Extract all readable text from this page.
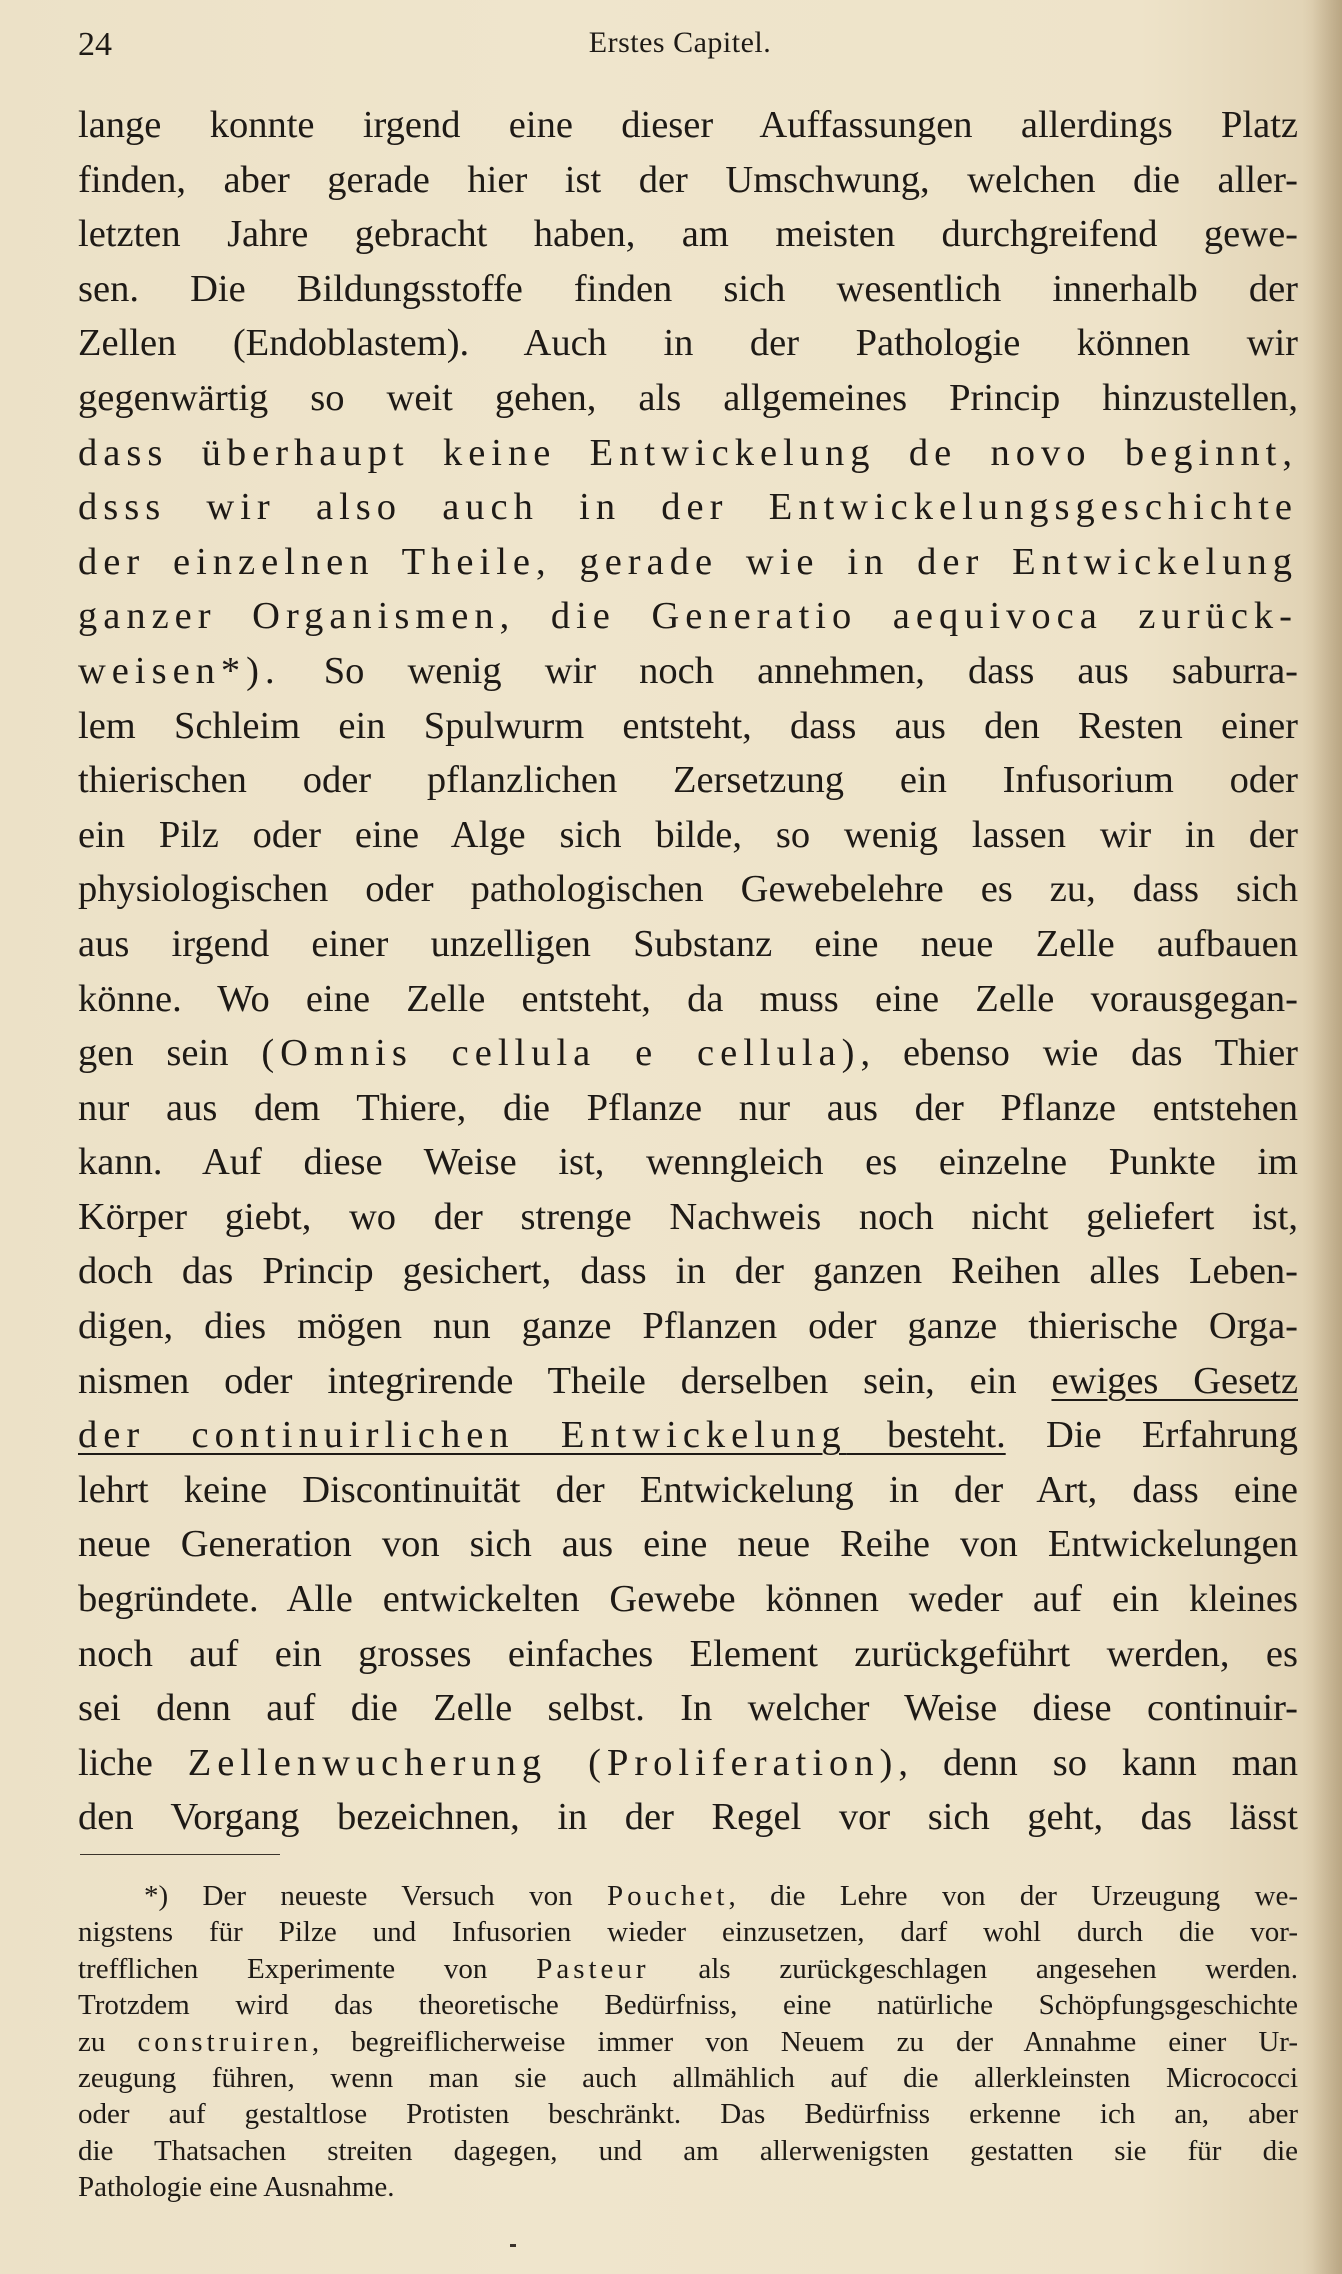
24	Erstes Capitel.
lange konnte irgend eine dieser Auffassungen allerdings Platz
finden, aber gerade hier ist der Umschwung, welchen die aller-
letzten Jahre gebracht haben, am meisten durchgreifend gewe-
sen. Die Bildungsstoffe finden sich wesentlich innerhalb der
Zellen (Endoblastem). Auch in der Pathologie können wir
gegenwärtig so weit gehen, als allgemeines Princip hinzustellen,
dass überhaupt keine Entwickelung de novo beginnt,
dsss wir also auch in der Entwickelungsgeschichte
der einzelnen Theile, gerade wie in der Entwickelung
ganzer Organismen, die Generatio aequivoca zurück-
weisen*). So wenig wir noch annehmen, dass aus saburra-
lem Schleim ein Spulwurm entsteht, dass aus den Resten einer
thierischen oder pflanzlichen Zersetzung ein Infusorium oder
ein Pilz oder eine Alge sich bilde, so wenig lassen wir in der
physiologischen oder pathologischen Gewebelehre es zu, dass sich
aus irgend einer unzelligen Substanz eine neue Zelle aufbauen
könne. Wo eine Zelle entsteht, da muss eine Zelle vorausgegan-
gen sein (Omnis cellula e cellula), ebenso wie das Thier
nur aus dem Thiere, die Pflanze nur aus der Pflanze entstehen
kann. Auf diese Weise ist, wenngleich es einzelne Punkte im
Körper giebt, wo der strenge Nachweis noch nicht geliefert ist,
doch das Princip gesichert, dass in der ganzen Reihen alles Leben-
digen, dies mögen nun ganze Pflanzen oder ganze thierische Orga-
nismen oder integrirende Theile derselben sein, ein ewiges Gesetz
der continuirlichen Entwickelung besteht. Die Erfahrung
lehrt keine Discontinuität der Entwickelung in der Art, dass eine
neue Generation von sich aus eine neue Reihe von Entwickelungen
begründete. Alle entwickelten Gewebe können weder auf ein kleines
noch auf ein grosses einfaches Element zurückgeführt werden, es
sei denn auf die Zelle selbst. In welcher Weise diese continuir-
liche Zellenwucherung (Proliferation), denn so kann man
den Vorgang bezeichnen, in der Regel vor sich geht, das lässt
*) Der neueste Versuch von Pouchet, die Lehre von der Urzeugung we-
nigstens für Pilze und Infusorien wieder einzusetzen, darf wohl durch die vor-
trefflichen Experimente von Pasteur als zurückgeschlagen angesehen werden.
Trotzdem wird das theoretische Bedürfniss, eine natürliche Schöpfungsgeschichte
zu construiren, begreiflicherweise immer von Neuem zu der Annahme einer Ur-
zeugung führen, wenn man sie auch allmählich auf die allerkleinsten Micrococci
oder auf gestaltlose Protisten beschränkt. Das Bedürfniss erkenne ich an, aber
die Thatsachen streiten dagegen, und am allerwenigsten gestatten sie für die
Pathologie eine Ausnahme.
